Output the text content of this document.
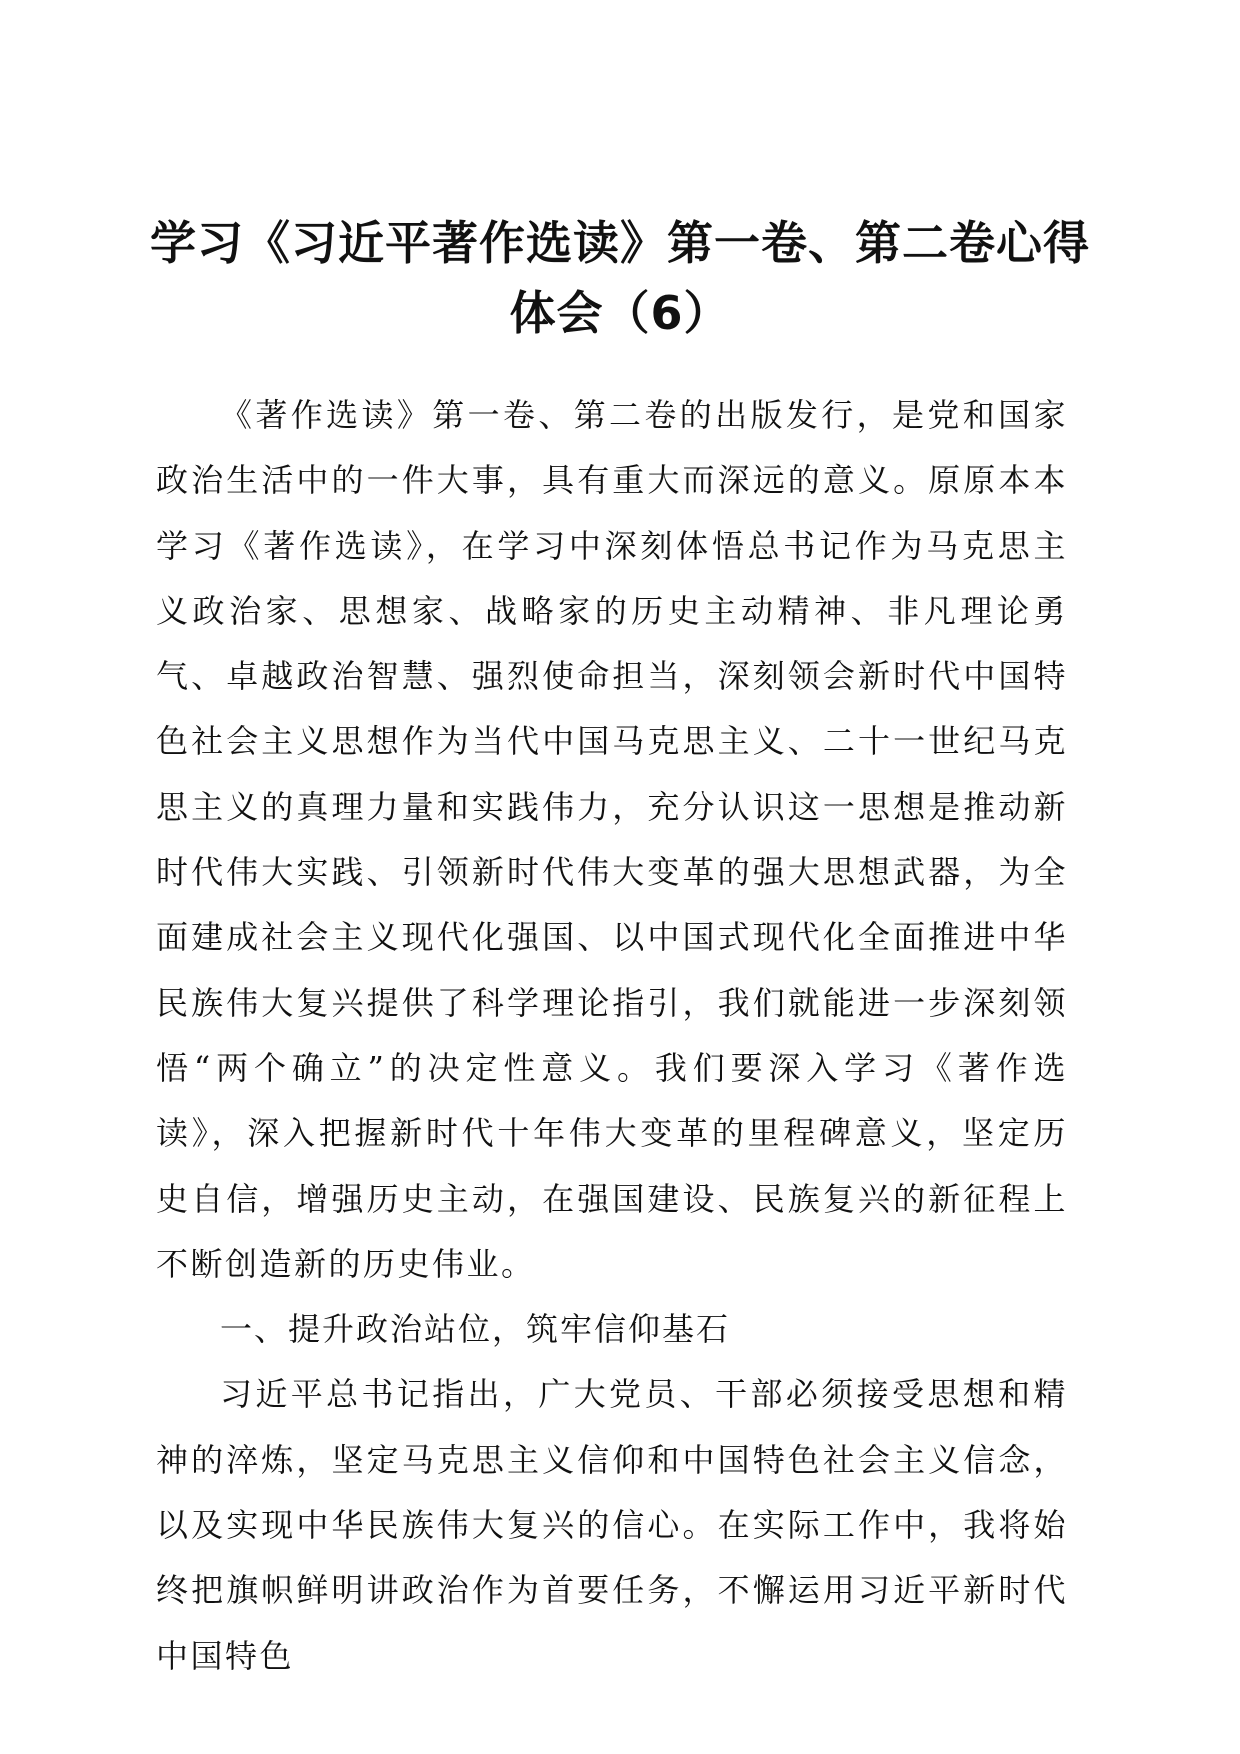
学习《习近平著作选读》第一卷、第二卷心得
体会（6）

《著作选读》第一卷、第二卷的出版发行，是党和国家政治生活中的一件大事，具有重大而深远的意义。原原本本学习《著作选读》，在学习中深刻体悟总书记作为马克思主义政治家、思想家、战略家的历史主动精神、非凡理论勇气、卓越政治智慧、强烈使命担当，深刻领会新时代中国特色社会主义思想作为当代中国马克思主义、二十一世纪马克思主义的真理力量和实践伟力，充分认识这一思想是推动新时代伟大实践、引领新时代伟大变革的强大思想武器，为全面建成社会主义现代化强国、以中国式现代化全面推进中华民族伟大复兴提供了科学理论指引，我们就能进一步深刻领悟“两个确立”的决定性意义。我们要深入学习《著作选读》，深入把握新时代十年伟大变革的里程碑意义，坚定历史自信，增强历史主动，在强国建设、民族复兴的新征程上不断创造新的历史伟业。

一、提升政治站位，筑牢信仰基石

习近平总书记指出，广大党员、干部必须接受思想和精神的淬炼，坚定马克思主义信仰和中国特色社会主义信念，以及实现中华民族伟大复兴的信心。在实际工作中，我将始终把旗帜鲜明讲政治作为首要任务，不懈运用习近平新时代中国特色
